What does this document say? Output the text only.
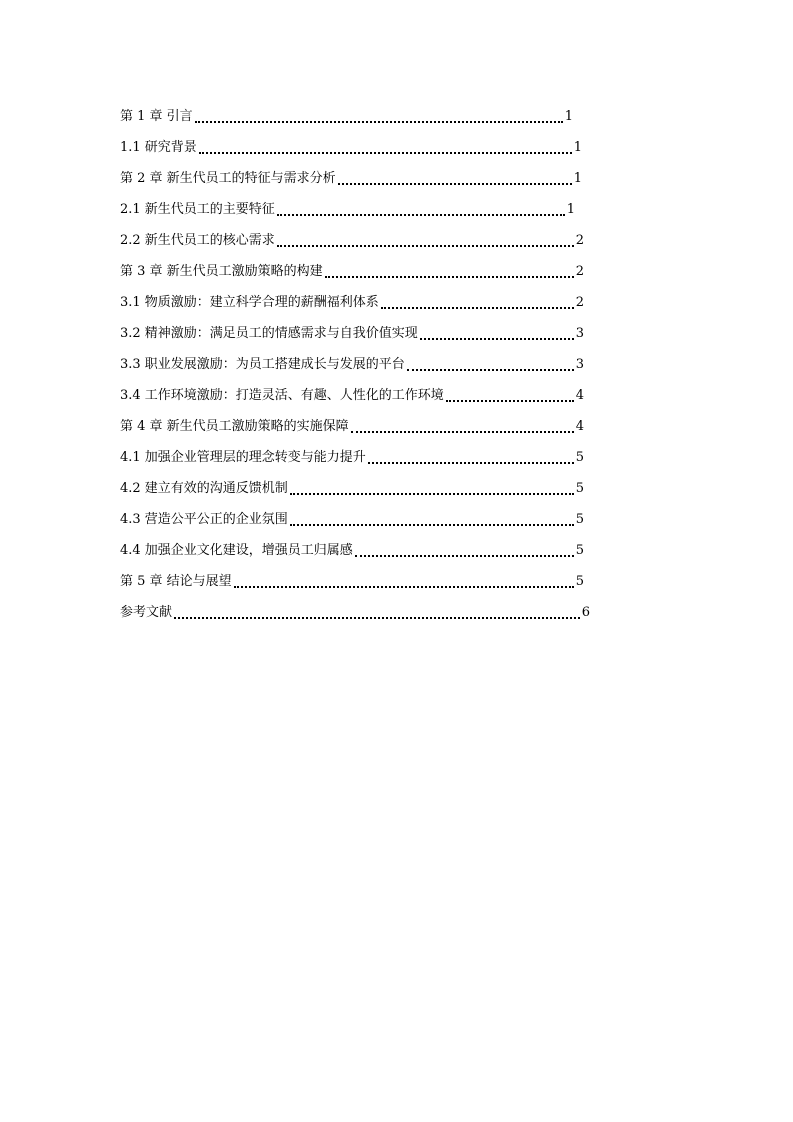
第 1 章 引言	1
1.1 研究背景	1
第 2 章 新生代员工的特征与需求分析	1
2.1 新生代员工的主要特征	1
2.2 新生代员工的核心需求	2
第 3 章 新生代员工激励策略的构建	2
3.1 物质激励：建立科学合理的薪酬福利体系	2
3.2 精神激励：满足员工的情感需求与自我价值实现	3
3.3 职业发展激励：为员工搭建成长与发展的平台	3
3.4 工作环境激励：打造灵活、有趣、人性化的工作环境	4
第 4 章 新生代员工激励策略的实施保障	4
4.1 加强企业管理层的理念转变与能力提升	5
4.2 建立有效的沟通反馈机制	5
4.3 营造公平公正的企业氛围	5
4.4 加强企业文化建设，增强员工归属感	5
第 5 章 结论与展望	5
参考文献	6
